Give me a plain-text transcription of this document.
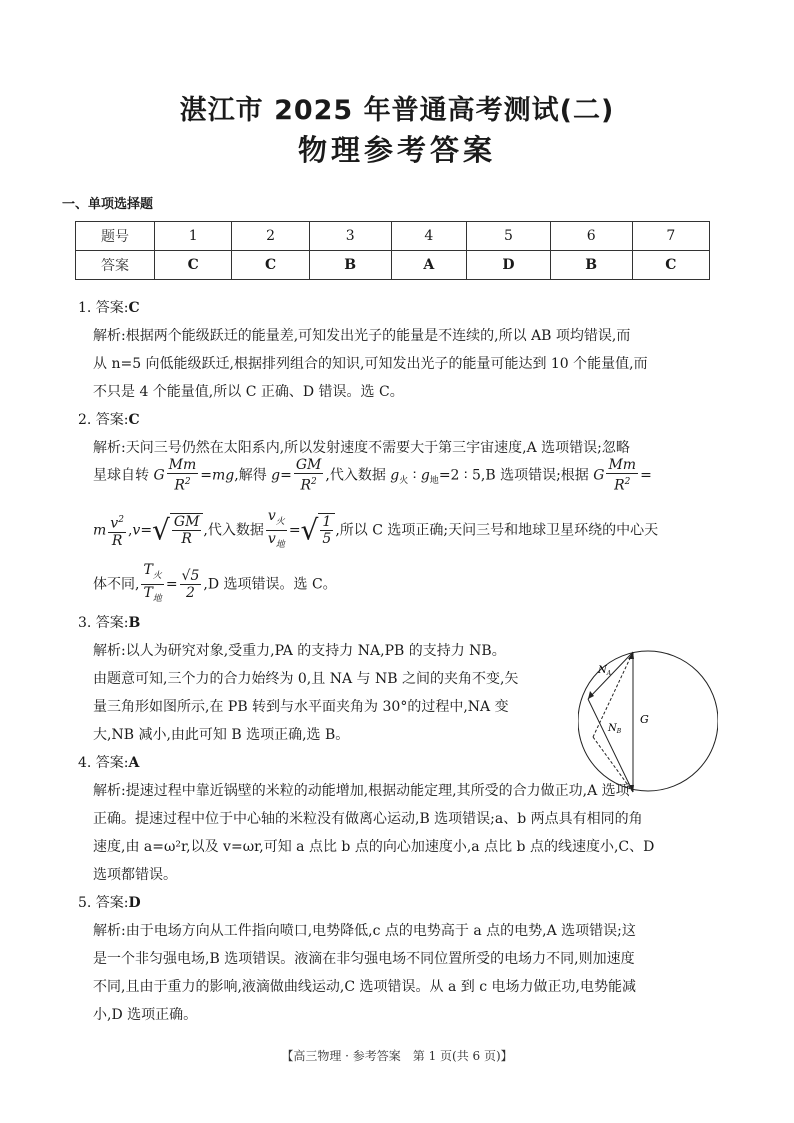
湛江市 2025 年普通高考测试(二)
物理参考答案
一、单项选择题
题号	1	2	3	4	5	6	7
答案	C	C	B	A	D	B	C
1. 答案:C
解析:根据两个能级跃迁的能量差,可知发出光子的能量是不连续的,所以 AB 项均错误,而
从 n=5 向低能级跃迁,根据排列组合的知识,可知发出光子的能量可能达到 10 个能量值,而
不只是 4 个能量值,所以 C 正确、D 错误。选 C。
2. 答案:C
解析:天问三号仍然在太阳系内,所以发射速度不需要大于第三宇宙速度,A 选项错误;忽略
星球自转 G $\frac{Mm}{R^2} =mg$,解得 $g= \frac{GM}{R^2}$ ,代入数据 $g_火$ ∶ $g_地=2$ ∶ 5,B 选项错误;根据 G $\frac{Mm}{R^2}$ =
m $\frac{v^2}{R} ,v=√ \frac{GM}{R}$ ,代入数据 $\frac{v_火}{v_地}$ =√ $\frac{1}{5}$ ,所以 C 选项正确;天问三号和地球卫星环绕的中心天
体不同, $\frac{T_火}{T_地} = \frac{√5}{2} ,D$ 选项错误。选 C。
3. 答案:B
解析:以人为研究对象,受重力,PA 的支持力 NA,PB 的支持力 NB。
由题意可知,三个力的合力始终为 0,且 NA 与 NB 之间的夹角不变,矢
量三角形如图所示,在 PB 转到与水平面夹角为 30°的过程中,NA 变
大,NB 减小,由此可知 B 选项正确,选 B。
$N_A$
$N_B$
G
4. 答案:A
解析:提速过程中靠近锅壁的米粒的动能增加,根据动能定理,其所受的合力做正功,A 选项
正确。提速过程中位于中心轴的米粒没有做离心运动,B 选项错误;a、b 两点具有相同的角
速度,由 a=ω²r,以及 v=ωr,可知 a 点比 b 点的向心加速度小,a 点比 b 点的线速度小,C、D
选项都错误。
5. 答案:D
解析:由于电场方向从工件指向喷口,电势降低,c 点的电势高于 a 点的电势,A 选项错误;这
是一个非匀强电场,B 选项错误。液滴在非匀强电场不同位置所受的电场力不同,则加速度
不同,且由于重力的影响,液滴做曲线运动,C 选项错误。从 a 到 c 电场力做正功,电势能减
小,D 选项正确。
【高三物理 · 参考答案　第 1 页(共 6 页)】
